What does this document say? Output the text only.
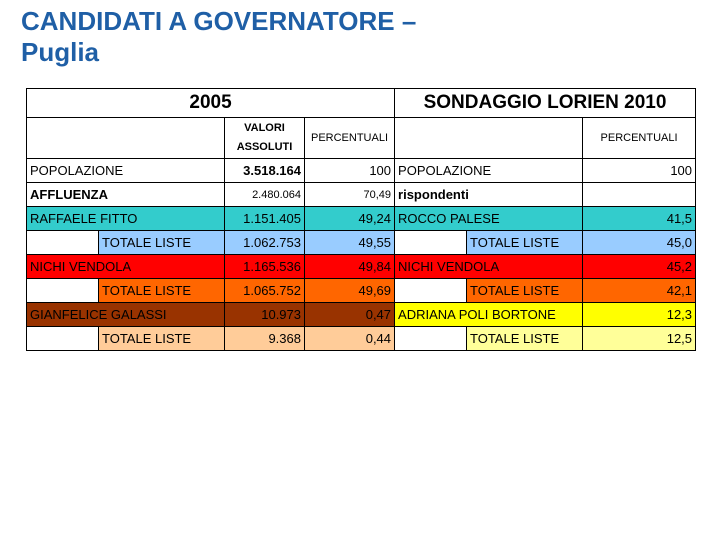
CANDIDATI A GOVERNATORE –
Puglia
2005				SONDAGGIO LORIEN 2010		
		VALORI ASSOLUTI	PERCENTUALI			PERCENTUALI
POPOLAZIONE		3.518.164	100	POPOLAZIONE		100
AFFLUENZA		2.480.064	70,49	rispondenti		
RAFFAELE FITTO		1.151.405	49,24	ROCCO PALESE		41,5
	TOTALE LISTE	1.062.753	49,55		TOTALE LISTE	45,0
NICHI VENDOLA		1.165.536	49,84	NICHI VENDOLA		45,2
	TOTALE LISTE	1.065.752	49,69		TOTALE LISTE	42,1
GIANFELICE GALASSI		10.973	0,47	ADRIANA POLI BORTONE		12,3
	TOTALE LISTE	9.368	0,44		TOTALE LISTE	12,5
